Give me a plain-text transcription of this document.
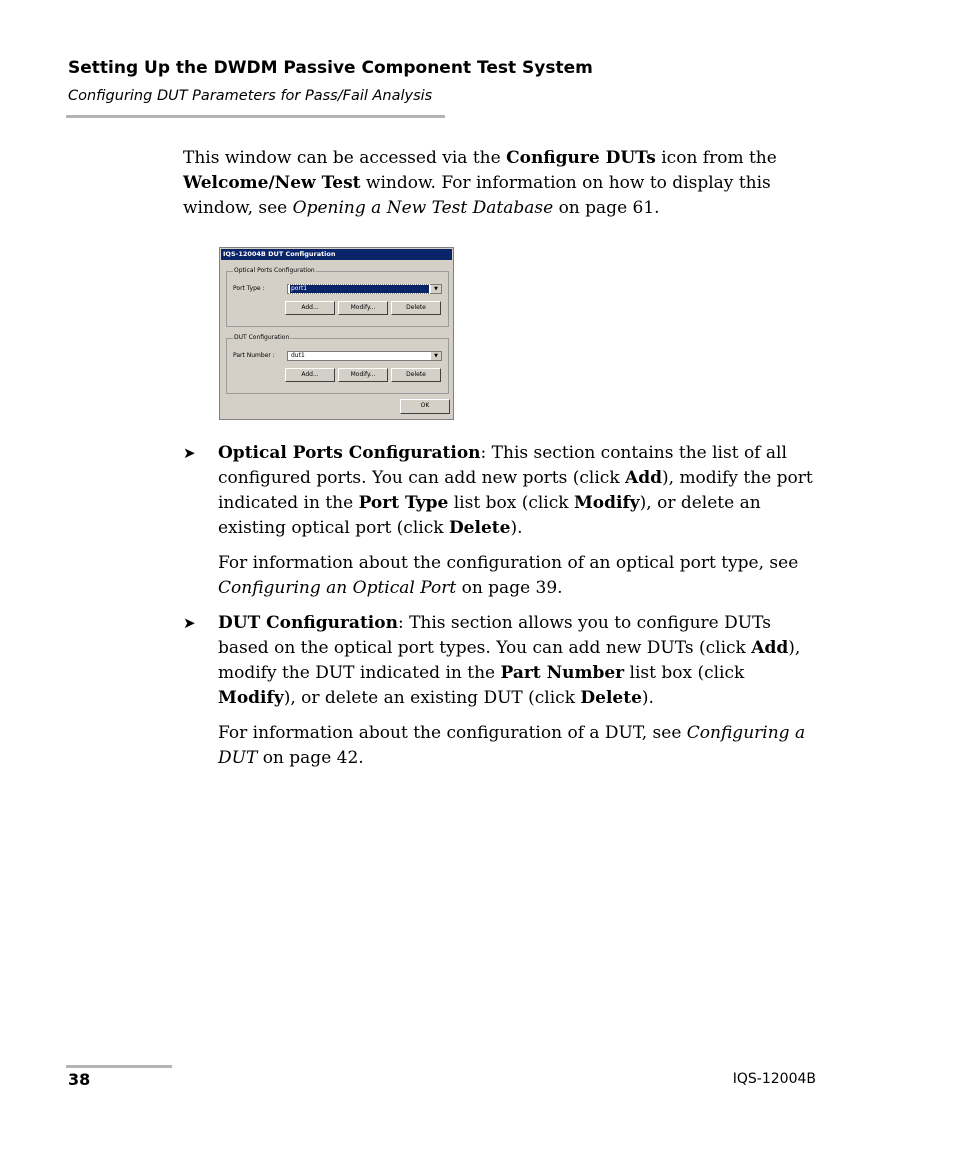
Setting Up the DWDM Passive Component Test System
Configuring DUT Parameters for Pass/Fail Analysis

This window can be accessed via the Configure DUTs icon from the Welcome/New Test window. For information on how to display this window, see Opening a New Test Database on page 61.

IQS-12004B DUT Configuration
Optical Ports Configuration
Port Type :	port1	▼
Add...	Modify...	Delete
DUT Configuration
Part Number :	dut1	▼
Add...	Modify...	Delete
OK
➤ Optical Ports Configuration: This section contains the list of all configured ports. You can add new ports (click Add), modify the port indicated in the Port Type list box (click Modify), or delete an existing optical port (click Delete).

For information about the configuration of an optical port type, see Configuring an Optical Port on page 39.

➤ DUT Configuration: This section allows you to configure DUTs based on the optical port types. You can add new DUTs (click Add), modify the DUT indicated in the Part Number list box (click Modify), or delete an existing DUT (click Delete).

For information about the configuration of a DUT, see Configuring a DUT on page 42.

38	IQS-12004B
